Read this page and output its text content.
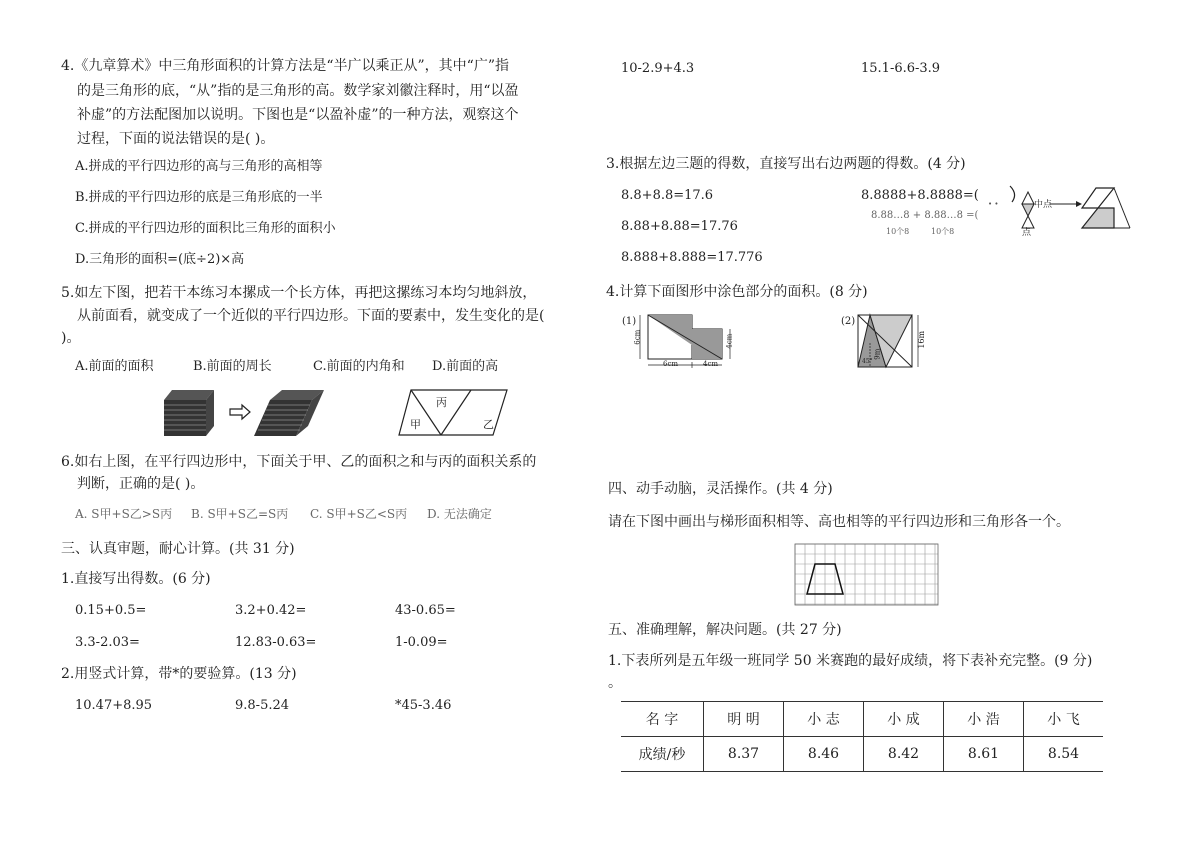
4.《九章算术》中三角形面积的计算方法是“半广以乘正从”，其中“广”指
的是三角形的底，“从”指的是三角形的高。数学家刘徽注释时，用“以盈
补虚”的方法配图加以说明。下图也是“以盈补虚”的一种方法，观察这个
过程，下面的说法错误的是( )。
A.拼成的平行四边形的高与三角形的高相等
B.拼成的平行四边形的底是三角形底的一半
C.拼成的平行四边形的面积比三角形的面积小
D.三角形的面积=(底÷2)×高
5.如左下图，把若干本练习本摞成一个长方体，再把这摞练习本均匀地斜放，
从前面看，就变成了一个近似的平行四边形。下面的要素中，发生变化的是(
)。
A.前面的面积	B.前面的周长	C.前面的内角和 D.前面的高
丙
甲	乙
6.如右上图，在平行四边形中，下面关于甲、乙的面积之和与丙的面积关系的
判断，正确的是( )。
A. S甲+S乙>S丙 B. S甲+S乙=S丙 C. S甲+S乙<S丙 D. 无法确定
三、认真审题，耐心计算。(共 31 分)
1.直接写出得数。(6 分)
0.15+0.5=	3.2+0.42=	43-0.65=
3.3-2.03=	12.83-0.63=	1-0.09=
2.用竖式计算，带*的要验算。(13 分)
10.47+8.95	9.8-5.24	*45-3.46
10-2.9+4.3	15.1-6.6-3.9
3.根据左边三题的得数，直接写出右边两题的得数。(4 分)
8.8+8.8=17.6
8.88+8.88=17.76
8.888+8.888=17.776
8.8888+8.8888=(
8.88…8 + 8.88…8 =(
10个8	10个8
• •	中点
点
4.计算下面图形中涂色部分的面积。(8 分)
(1)	(2)
6cm
6cm	4cm
4cm	16m
9m
45°
四、动手动脑，灵活操作。(共 4 分)
请在下图中画出与梯形面积相等、高也相等的平行四边形和三角形各一个。
五、准确理解，解决问题。(共 27 分)
1.下表所列是五年级一班同学 50 米赛跑的最好成绩，将下表补充完整。(9 分)
。
名 字	明 明	小 志	小 成	小 浩	小 飞
成绩/秒	8.37	8.46	8.42	8.61	8.54
